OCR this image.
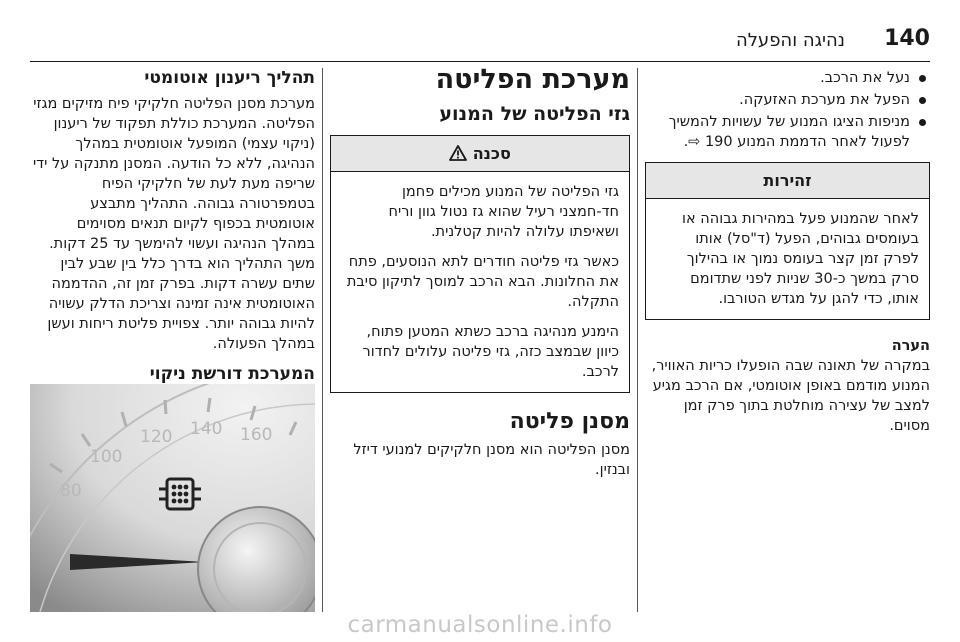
140
נהיגה והפעלה
נעל את הרכב.
הפעל את מערכת האזעקה.
מניפות הציגו המנוע של עשויות להמשיך לפעול לאחר הדממת המנוע 190 ⇨.
זהירות

לאחר שהמנוע פעל במהירות גבוהה או בעומסים גבוהים, הפעל (ד"סל) אותו לפרק זמן קצר בעומס נמוך או בהילוך סרק במשך כ-30 שניות לפני שתדומם אותו, כדי להגן על מגדש הטורבו.

הערה
במקרה של תאונה שבה הופעלו כריות האוויר, המנוע מודמם באופן אוטומטי, אם הרכב מגיע למצב של עצירה מוחלטת בתוך פרק זמן מסוים.
מערכת הפליטה
גזי הפליטה של המנוע
סכנה

גזי הפליטה של המנוע מכילים פחמן חד-חמצני רעיל שהוא גז נטול גוון וריח ושאיפתו עלולה להיות קטלנית.

כאשר גזי פליטה חודרים לתא הנוסעים, פתח את החלונות. הבא הרכב למוסך לתיקון סיבת התקלה.

הימנע מנהיגה ברכב כשתא המטען פתוח, כיוון שבמצב כזה, גזי פליטה עלולים לחדור לרכב.

מסנן פליטה
מסנן הפליטה הוא מסנן חלקיקים למנועי דיזל ובנזין.
תהליך ריענון אוטומטי
מערכת מסנן הפליטה חלקיקי פיח מזיקים מגזי הפליטה. המערכת כוללת תפקוד של ריענון (ניקוי עצמי) המופעל אוטומטית במהלך הנהיגה, ללא כל הודעה. המסנן מתנקה על ידי שריפה מעת לעת של חלקיקי הפיח בטמפרטורה גבוהה. התהליך מתבצע אוטומטית בכפוף לקיום תנאים מסוימים במהלך הנהיגה ועשוי להימשך עד 25 דקות. משך התהליך הוא בדרך כלל בין שבע לבין שתים עשרה דקות. בפרק זמן זה, ההדממה האוטומטית אינה זמינה וצריכת הדלק עשויה להיות גבוהה יותר. צפויית פליטת ריחות ועשן במהלך הפעולה.
המערכת דורשת ניקוי
80
100
120 140 160
carmanualsonline.info
